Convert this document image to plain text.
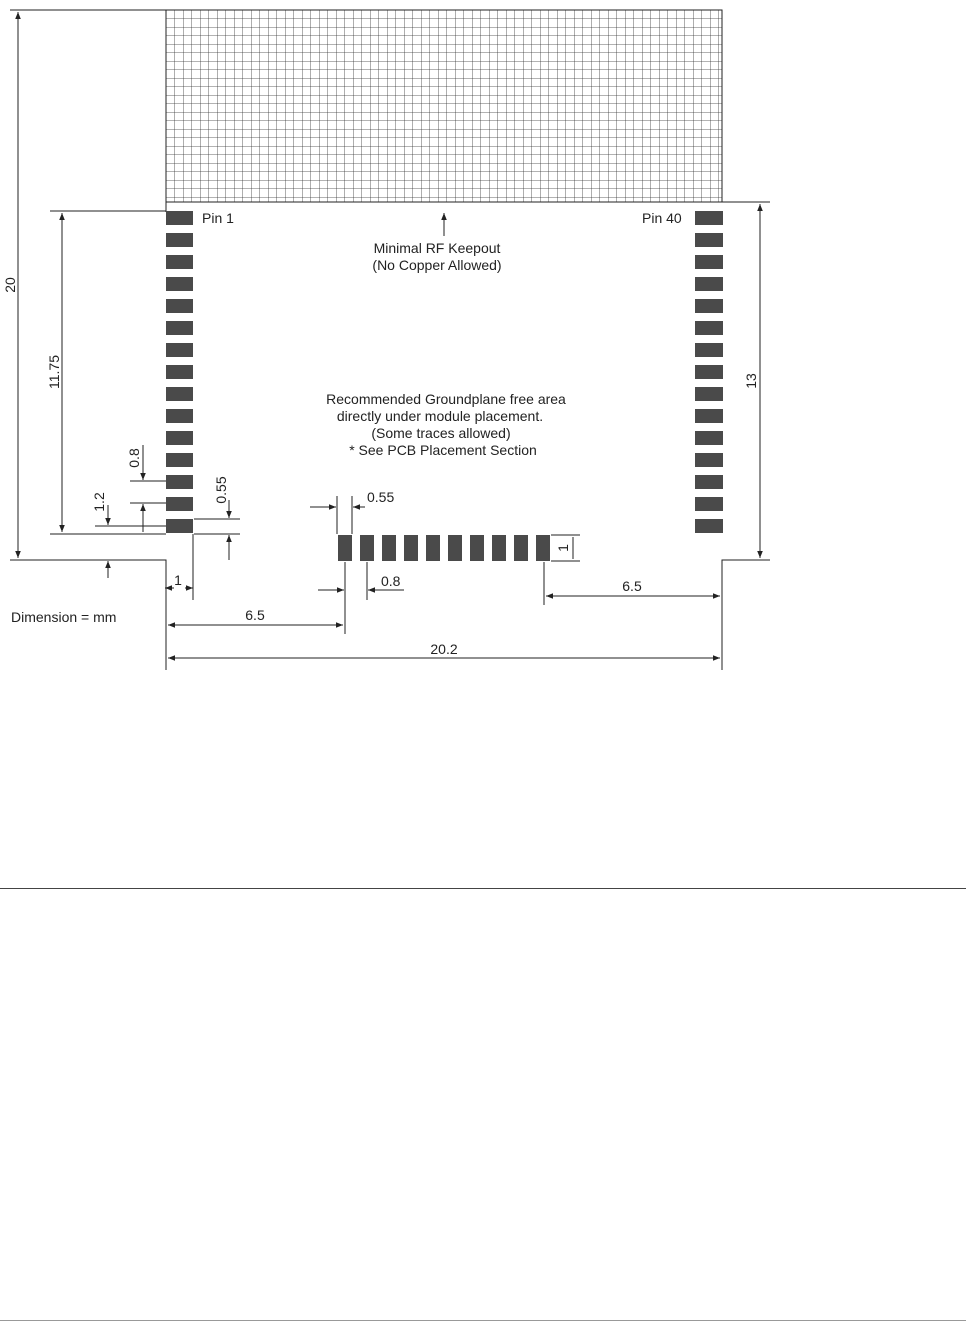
Pin 1	Pin 40
Minimal RF Keepout
(No Copper Allowed)
Recommended Groundplane free area
directly under module placement.
(Some traces allowed)
* See PCB Placement Section
20
11.75	13
0.8
1.2	0.55
1
6.5
20.2
0.55
1
0.8	6.5
Dimension = mm
